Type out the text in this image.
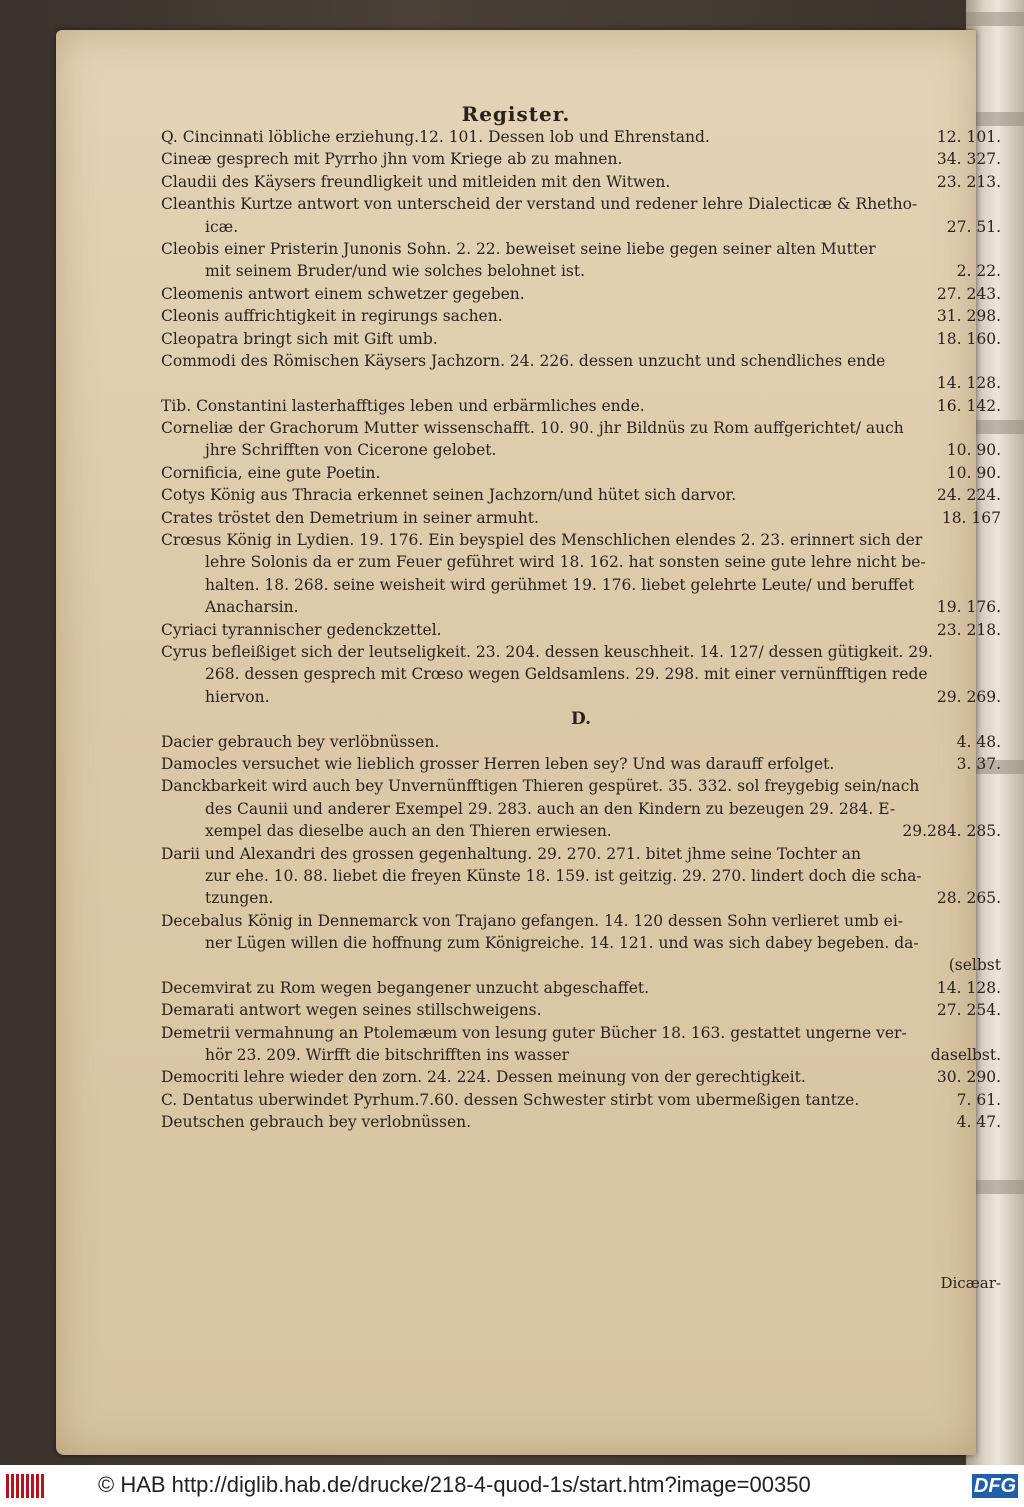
Register.
Q. Cincinnati löbliche erziehung.12. 101. Dessen lob und Ehrenstand.	12. 101.
Cineæ gesprech mit Pyrrho jhn vom Kriege ab zu mahnen.	34. 327.
Claudii des Käysers freundligkeit und mitleiden mit den Witwen.	23. 213.
Cleanthis Kurtze antwort von unterscheid der verstand und redener lehre Dialecticæ & Rhetho-
icæ.	27. 51.
Cleobis einer Pristerin Junonis Sohn. 2. 22. beweiset seine liebe gegen seiner alten Mutter
mit seinem Bruder/und wie solches belohnet ist.	2. 22.
Cleomenis antwort einem schwetzer gegeben.	27. 243.
Cleonis auffrichtigkeit in regirungs sachen.	31. 298.
Cleopatra bringt sich mit Gift umb.	18. 160.
Commodi des Römischen Käysers Jachzorn. 24. 226. dessen unzucht und schendliches ende
14. 128.
Tib. Constantini lasterhafftiges leben und erbärmliches ende.	16. 142.
Corneliæ der Grachorum Mutter wissenschafft. 10. 90. jhr Bildnüs zu Rom auffgerichtet/ auch
jhre Schrifften von Cicerone gelobet.	10. 90.
Cornificia, eine gute Poetin.	10. 90.
Cotys König aus Thracia erkennet seinen Jachzorn/und hütet sich darvor.	24. 224.
Crates tröstet den Demetrium in seiner armuht.	18. 167
Crœsus König in Lydien. 19. 176. Ein beyspiel des Menschlichen elendes 2. 23. erinnert sich der
lehre Solonis da er zum Feuer geführet wird 18. 162. hat sonsten seine gute lehre nicht be-
halten. 18. 268. seine weisheit wird gerühmet 19. 176. liebet gelehrte Leute/ und beruffet
Anacharsin.	19. 176.
Cyriaci tyrannischer gedenckzettel.	23. 218.
Cyrus befleißiget sich der leutseligkeit. 23. 204. dessen keuschheit. 14. 127/ dessen gütigkeit. 29.
268. dessen gesprech mit Crœso wegen Geldsamlens. 29. 298. mit einer vernünfftigen rede
hiervon.	29. 269.
D.
Dacier gebrauch bey verlöbnüssen.	4. 48.
Damocles versuchet wie lieblich grosser Herren leben sey? Und was darauff erfolget.	3. 37.
Danckbarkeit wird auch bey Unvernünfftigen Thieren gespüret. 35. 332. sol freygebig sein/nach
des Caunii und anderer Exempel 29. 283. auch an den Kindern zu bezeugen 29. 284. E-
xempel das dieselbe auch an den Thieren erwiesen.	29.284. 285.
Darii und Alexandri des grossen gegenhaltung. 29. 270. 271. bitet jhme seine Tochter an
zur ehe. 10. 88. liebet die freyen Künste 18. 159. ist geitzig. 29. 270. lindert doch die scha-
tzungen.	28. 265.
Decebalus König in Dennemarck von Trajano gefangen. 14. 120 dessen Sohn verlieret umb ei-
ner Lügen willen die hoffnung zum Königreiche. 14. 121. und was sich dabey begeben. da-
(selbst
Decemvirat zu Rom wegen begangener unzucht abgeschaffet.	14. 128.
Demarati antwort wegen seines stillschweigens.	27. 254.
Demetrii vermahnung an Ptolemæum von lesung guter Bücher 18. 163. gestattet ungerne ver-
hör 23. 209. Wirfft die bitschrifften ins wasser	daselbst.
Democriti lehre wieder den zorn. 24. 224. Dessen meinung von der gerechtigkeit.	30. 290.
C. Dentatus uberwindet Pyrhum.7.60. dessen Schwester stirbt vom ubermeßigen tantze.	7. 61.
Deutschen gebrauch bey verlobnüssen.	4. 47.
Dicæar-
© HAB http://diglib.hab.de/drucke/218-4-quod-1s/start.htm?image=00350	DFG
